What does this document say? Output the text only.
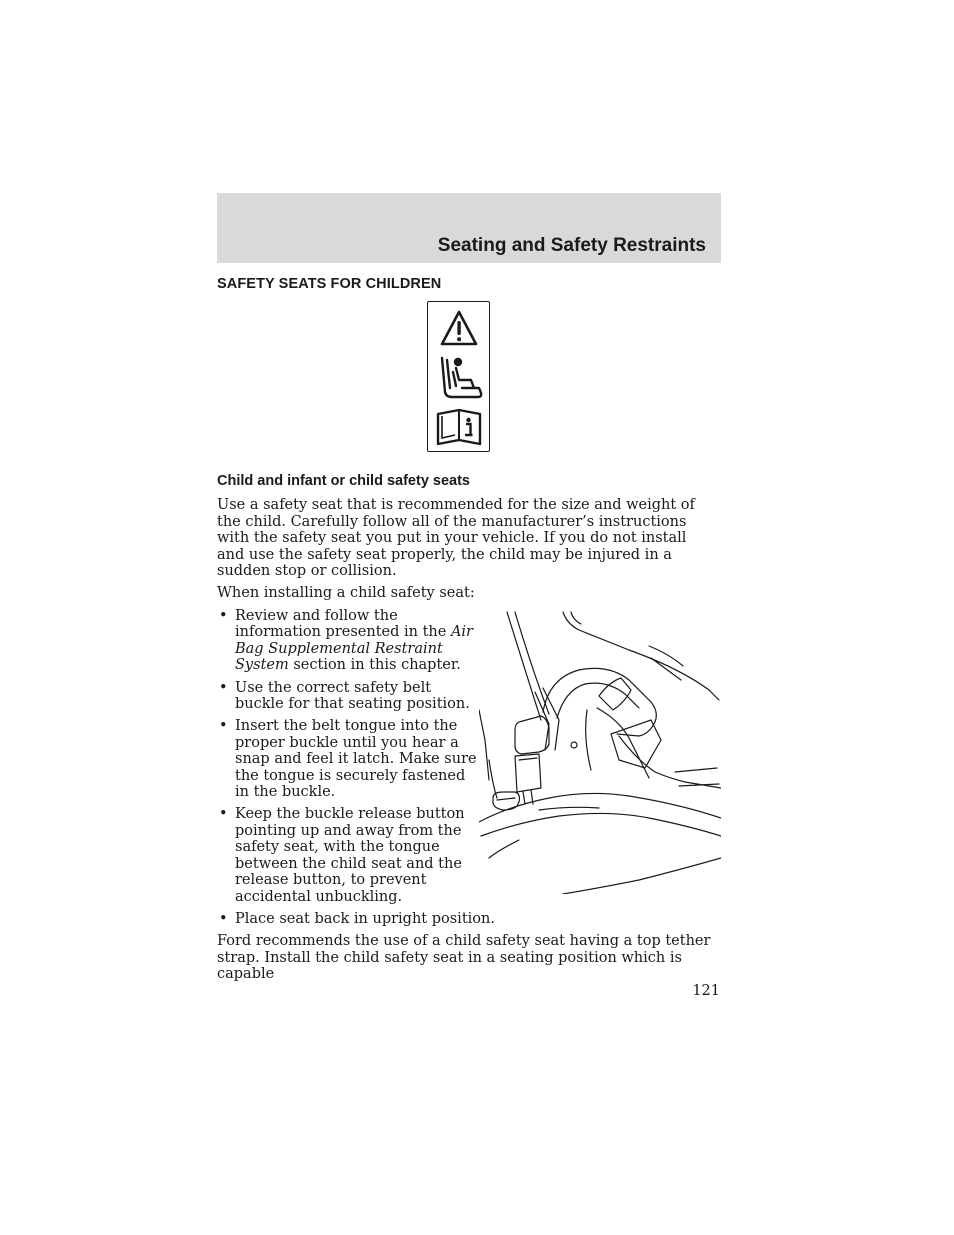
Seating and Safety Restraints
SAFETY SEATS FOR CHILDREN
Child and infant or child safety seats

Use a safety seat that is recommended for the size and weight of the child. Carefully follow all of the manufacturer’s instructions with the safety seat you put in your vehicle. If you do not install and use the safety seat properly, the child may be injured in a sudden stop or collision.

When installing a child safety seat:

• Review and follow the information presented in the Air Bag Supplemental Restraint System section in this chapter.
• Use the correct safety belt buckle for that seating position.
• Insert the belt tongue into the proper buckle until you hear a snap and feel it latch. Make sure the tongue is securely fastened in the buckle.
• Keep the buckle release button pointing up and away from the safety seat, with the tongue between the child seat and the release button, to prevent accidental unbuckling.
• Place seat back in upright position.

Ford recommends the use of a child safety seat having a top tether strap. Install the child safety seat in a seating position which is capable

121
